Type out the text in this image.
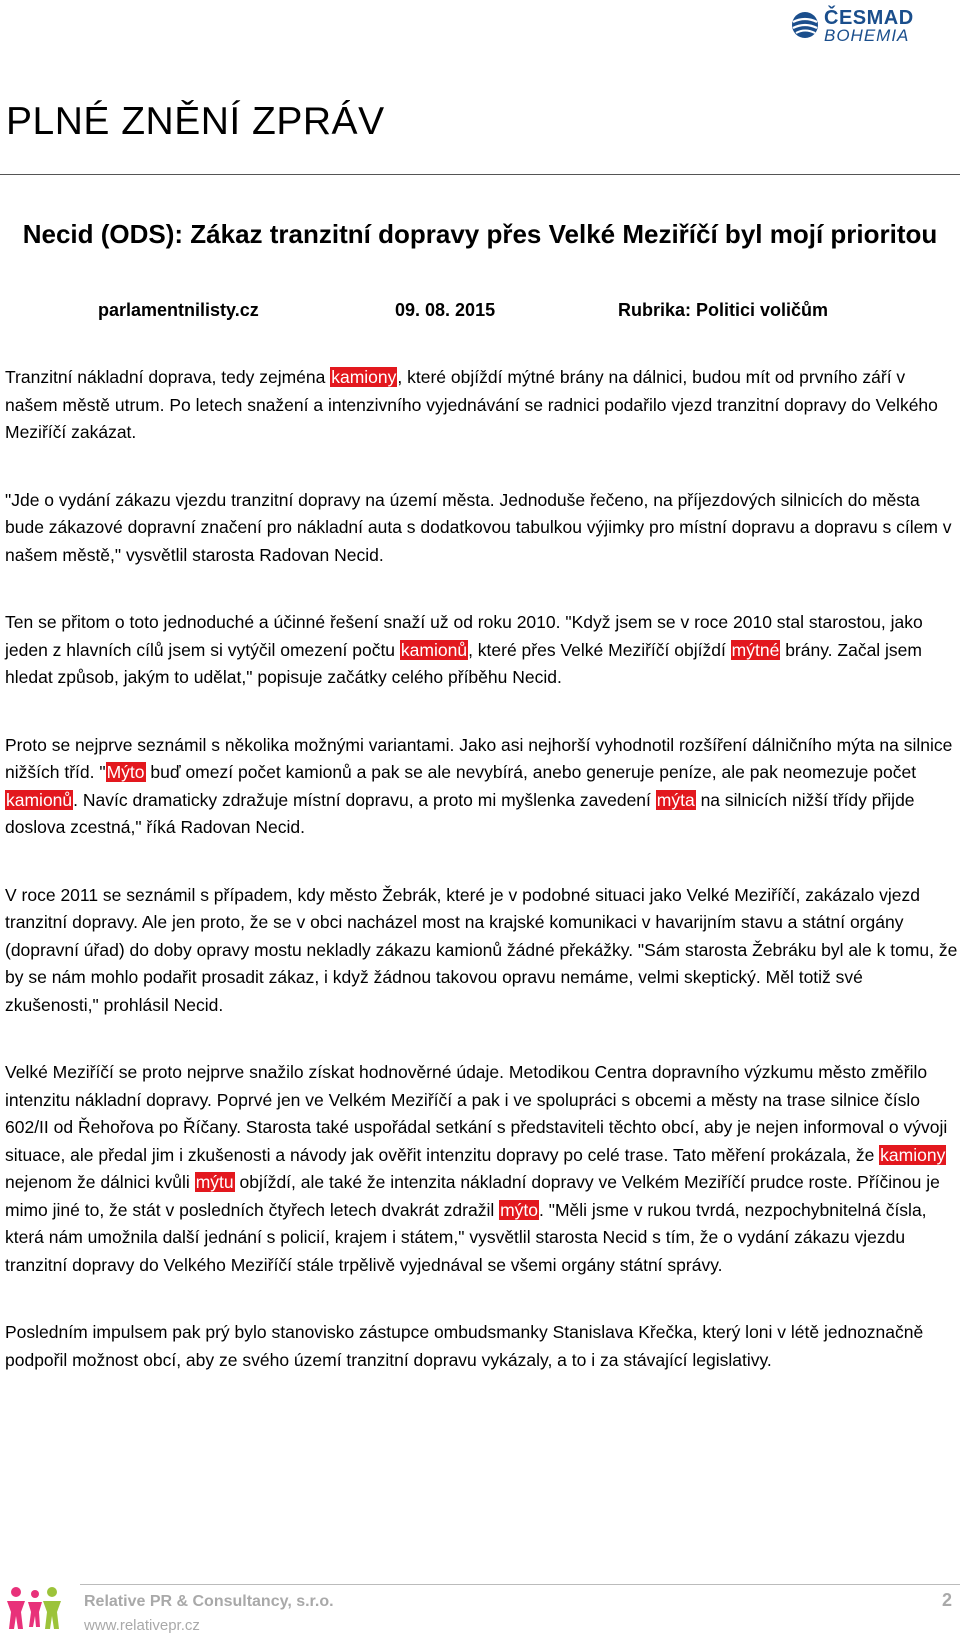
ČESMAD
BOHEMIA
PLNÉ ZNĚNÍ ZPRÁV
Necid (ODS): Zákaz tranzitní dopravy přes Velké Meziříčí byl mojí prioritou

parlamentnilisty.cz	09. 08. 2015	Rubrika: Politici voličům

Tranzitní nákladní doprava, tedy zejména kamiony, které objíždí mýtné brány na dálnici, budou mít od prvního září v našem městě utrum. Po letech snažení a intenzivního vyjednávání se radnici podařilo vjezd tranzitní dopravy do Velkého Meziříčí zakázat.

"Jde o vydání zákazu vjezdu tranzitní dopravy na území města. Jednoduše řečeno, na příjezdových silnicích do města bude zákazové dopravní značení pro nákladní auta s dodatkovou tabulkou výjimky pro místní dopravu a dopravu s cílem v našem městě," vysvětlil starosta Radovan Necid.

Ten se přitom o toto jednoduché a účinné řešení snaží už od roku 2010. "Když jsem se v roce 2010 stal starostou, jako jeden z hlavních cílů jsem si vytýčil omezení počtu kamionů, které přes Velké Meziříčí objíždí mýtné brány. Začal jsem hledat způsob, jakým to udělat," popisuje začátky celého příběhu Necid.

Proto se nejprve seznámil s několika možnými variantami. Jako asi nejhorší vyhodnotil rozšíření dálničního mýta na silnice nižších tříd. "Mýto buď omezí počet kamionů a pak se ale nevybírá, anebo generuje peníze, ale pak neomezuje počet kamionů. Navíc dramaticky zdražuje místní dopravu, a proto mi myšlenka zavedení mýta na silnicích nižší třídy přijde doslova zcestná," říká Radovan Necid.

V roce 2011 se seznámil s případem, kdy město Žebrák, které je v podobné situaci jako Velké Meziříčí, zakázalo vjezd tranzitní dopravy. Ale jen proto, že se v obci nacházel most na krajské komunikaci v havarijním stavu a státní orgány (dopravní úřad) do doby opravy mostu nekladly zákazu kamionů žádné překážky. "Sám starosta Žebráku byl ale k tomu, že by se nám mohlo podařit prosadit zákaz, i když žádnou takovou opravu nemáme, velmi skeptický. Měl totiž své zkušenosti," prohlásil Necid.

Velké Meziříčí se proto nejprve snažilo získat hodnověrné údaje. Metodikou Centra dopravního výzkumu město změřilo intenzitu nákladní dopravy. Poprvé jen ve Velkém Meziříčí a pak i ve spolupráci s obcemi a městy na trase silnice číslo 602/II od Řehořova po Říčany. Starosta také uspořádal setkání s představiteli těchto obcí, aby je nejen informoval o vývoji situace, ale předal jim i zkušenosti a návody jak ověřit intenzitu dopravy po celé trase. Tato měření prokázala, že kamiony nejenom že dálnici kvůli mýtu objíždí, ale také že intenzita nákladní dopravy ve Velkém Meziříčí prudce roste. Příčinou je mimo jiné to, že stát v posledních čtyřech letech dvakrát zdražil mýto. "Měli jsme v rukou tvrdá, nezpochybnitelná čísla, která nám umožnila další jednání s policií, krajem i státem," vysvětlil starosta Necid s tím, že o vydání zákazu vjezdu tranzitní dopravy do Velkého Meziříčí stále trpělivě vyjednával se všemi orgány státní správy.

Posledním impulsem pak prý bylo stanovisko zástupce ombudsmanky Stanislava Křečka, který loni v létě jednoznačně podpořil možnost obcí, aby ze svého území tranzitní dopravu vykázaly, a to i za stávající legislativy.

Relative PR & Consultancy, s.r.o.

www.relativepr.cz

2
